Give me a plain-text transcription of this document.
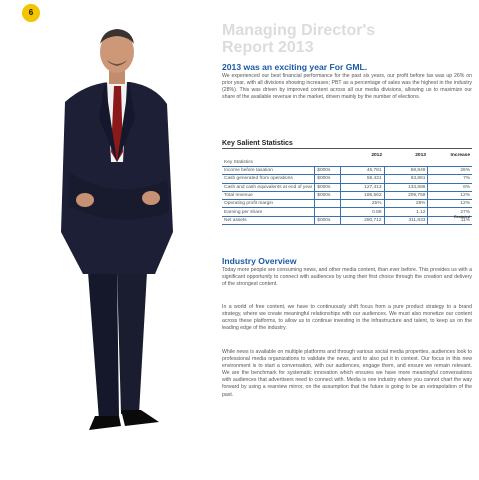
6
Managing Director's
Report 2013
2013 was an exciting year For GML.
We experienced our best financial performance for the past six years, our profit before tax was up 26% on prior year, with all divisions showing increases; PBT as a percentage of sales was the highest in the industry (28%). This was driven by improved content across all our media divisions, allowing us to maximize our share of the available revenue in the market, driven mainly by the number of elections.
Key Salient Statistics
		2012	2013	Increase

		Restated		
Key Statistics				
Income before taxation	$000s	46,781	58,849	26%
Cash generated from operations	$000s	59,431	63,861	7%
Cash and cash equivalents at end of year	$000s	127,413	134,686	6%
Total revenue	$000s	186,562	209,759	12%
Operating profit margin		25%	28%	12%
Earning per share		0.88	1.12	27%
Net assets	$000s	280,712	311,833	11%
Industry Overview
Today more people are consuming news, and other media content, than ever before. This provides us with a significant opportunity to connect with audiences by using their first choice through the creation and delivery of the strongest content.
In a world of free content, we have to continuously shift focus from a pure product strategy to a brand strategy, where we create meaningful relationships with our audiences. We must also monetize our content across these platforms, to allow us to continue investing in the infrastructure and talent, to keep us on the leading edge of the industry.
While news is available on multiple platforms and through various social media properties, audiences look to professional media organizations to validate the news, and to also put it in context. Our focus in this new environment is to start a conversation, with our audiences, engage them, and ensure we remain relevant. We are the benchmark for systematic innovation which ensures we have more meaningful conversations with audiences that advertisers need to connect with. Media is one industry where you cannot chart the way forward by using a rearview mirror, on the assumption that the future is going to be an extrapolation of the past.
